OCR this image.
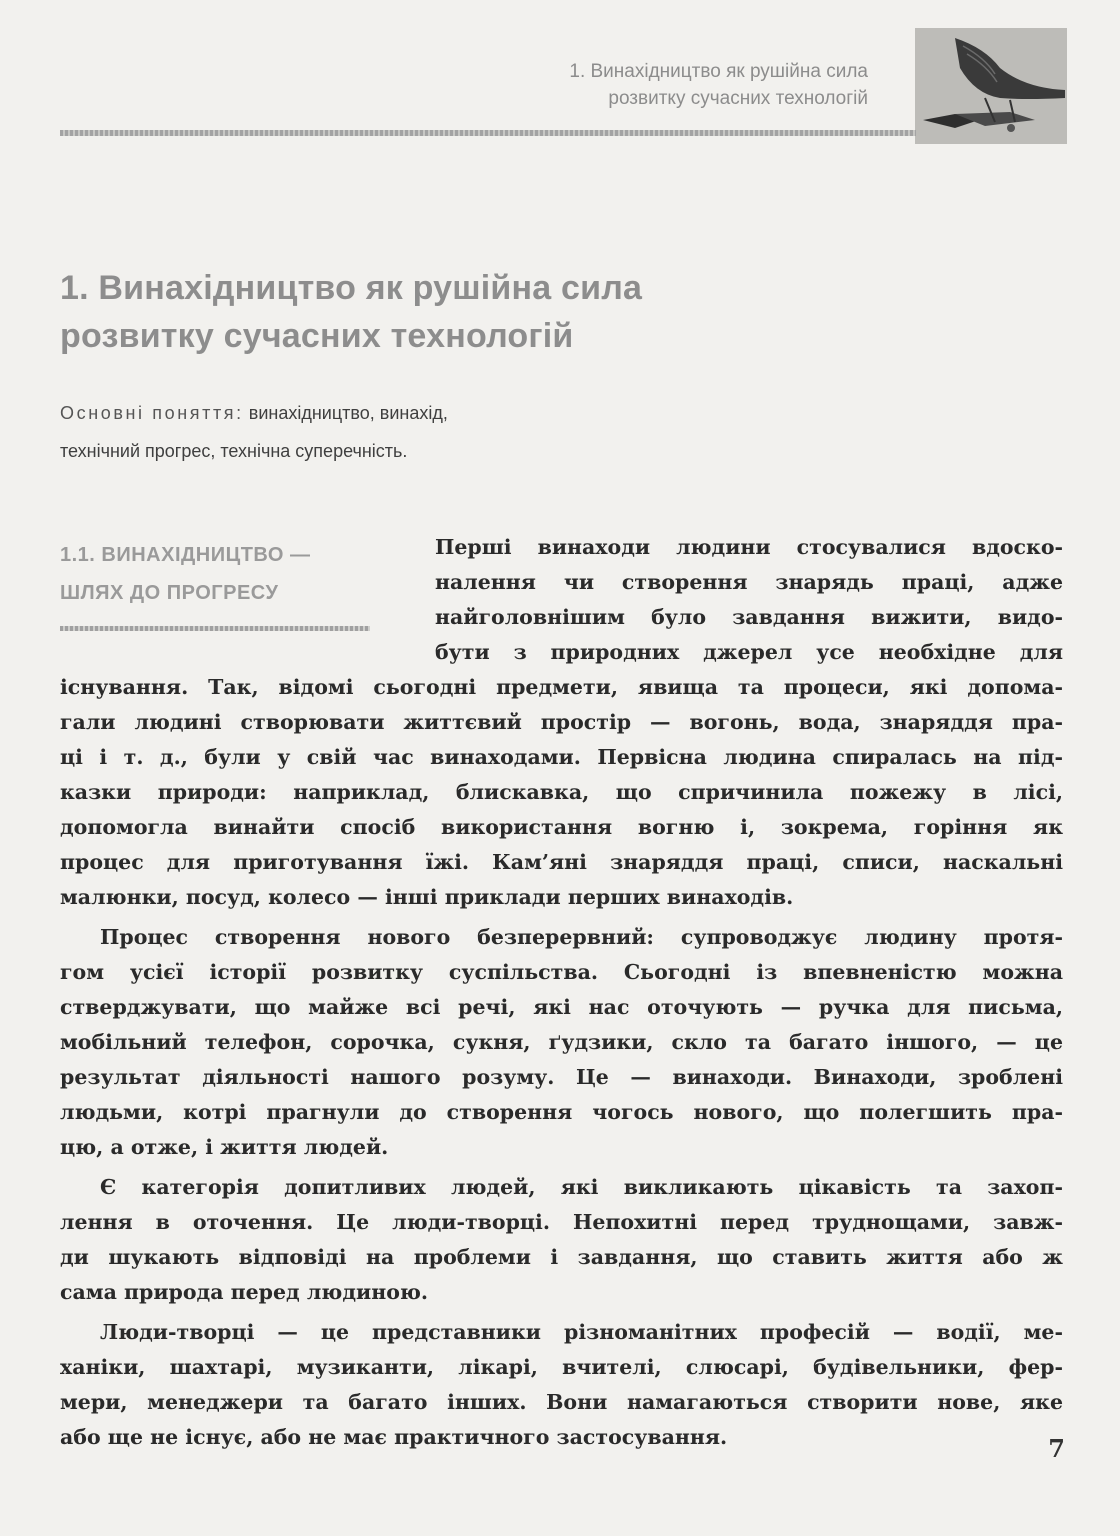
1. Винахідництво як рушійна сила
розвитку сучасних технологій
1. Винахідництво як рушійна сила
розвитку сучасних технологій
Основні поняття: винахідництво, винахід,
технічний прогрес, технічна суперечність.
1.1. ВИНАХІДНИЦТВО —
ШЛЯХ ДО ПРОГРЕСУ
Перші винаходи людини стосувалися вдоско-
налення чи створення знарядь праці, адже
найголовнішим було завдання вижити, видо-
бути з природних джерел усе необхідне для
існування. Так, відомі сьогодні предмети, явища та процеси, які допома-
гали людині створювати життєвий простір — вогонь, вода, знаряддя пра-
ці і т. д., були у свій час винаходами. Первісна людина спиралась на під-
казки природи: наприклад, блискавка, що спричинила пожежу в лісі,
допомогла винайти спосіб використання вогню і, зокрема, горіння як
процес для приготування їжі. Кам’яні знаряддя праці, списи, наскальні
малюнки, посуд, колесо — інші приклади перших винаходів.
Процес створення нового безперервний: супроводжує людину протя-
гом усієї історії розвитку суспільства. Сьогодні із впевненістю можна
стверджувати, що майже всі речі, які нас оточують — ручка для письма,
мобільний телефон, сорочка, сукня, ґудзики, скло та багато іншого, — це
результат діяльності нашого розуму. Це — винаходи. Винаходи, зроблені
людьми, котрі прагнули до створення чогось нового, що полегшить пра-
цю, а отже, і життя людей.
Є категорія допитливих людей, які викликають цікавість та захоп-
лення в оточення. Це люди-творці. Непохитні перед труднощами, завж-
ди шукають відповіді на проблеми і завдання, що ставить життя або ж
сама природа перед людиною.
Люди-творці — це представники різноманітних професій — водії, ме-
ханіки, шахтарі, музиканти, лікарі, вчителі, слюсарі, будівельники, фер-
мери, менеджери та багато інших. Вони намагаються створити нове, яке
або ще не існує, або не має практичного застосування.	7
